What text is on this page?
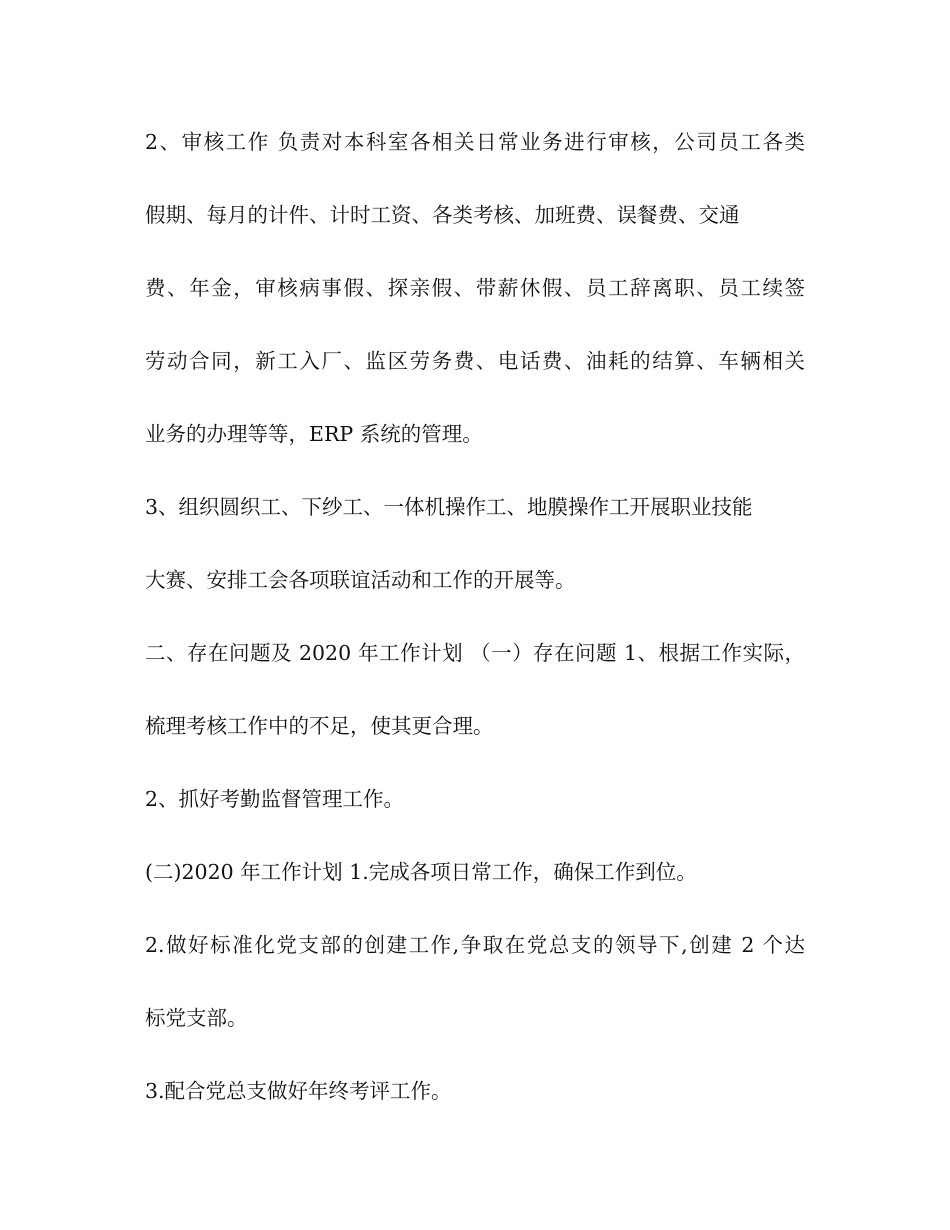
2、审核工作 负责对本科室各相关日常业务进行审核，公司员工各类
假期、每月的计件、计时工资、各类考核、加班费、误餐费、交通
费、年金，审核病事假、探亲假、带薪休假、员工辞离职、员工续签
劳动合同，新工入厂、监区劳务费、电话费、油耗的结算、车辆相关
业务的办理等等，ERP 系统的管理。
3、组织圆织工、下纱工、一体机操作工、地膜操作工开展职业技能
大赛、安排工会各项联谊活动和工作的开展等。
二、存在问题及 2020 年工作计划 （一）存在问题 1、根据工作实际，
梳理考核工作中的不足，使其更合理。
2、抓好考勤监督管理工作。
(二)2020 年工作计划 1.完成各项日常工作，确保工作到位。
2.做好标准化党支部的创建工作,争取在党总支的领导下,创建 2 个达
标党支部。
3.配合党总支做好年终考评工作。
